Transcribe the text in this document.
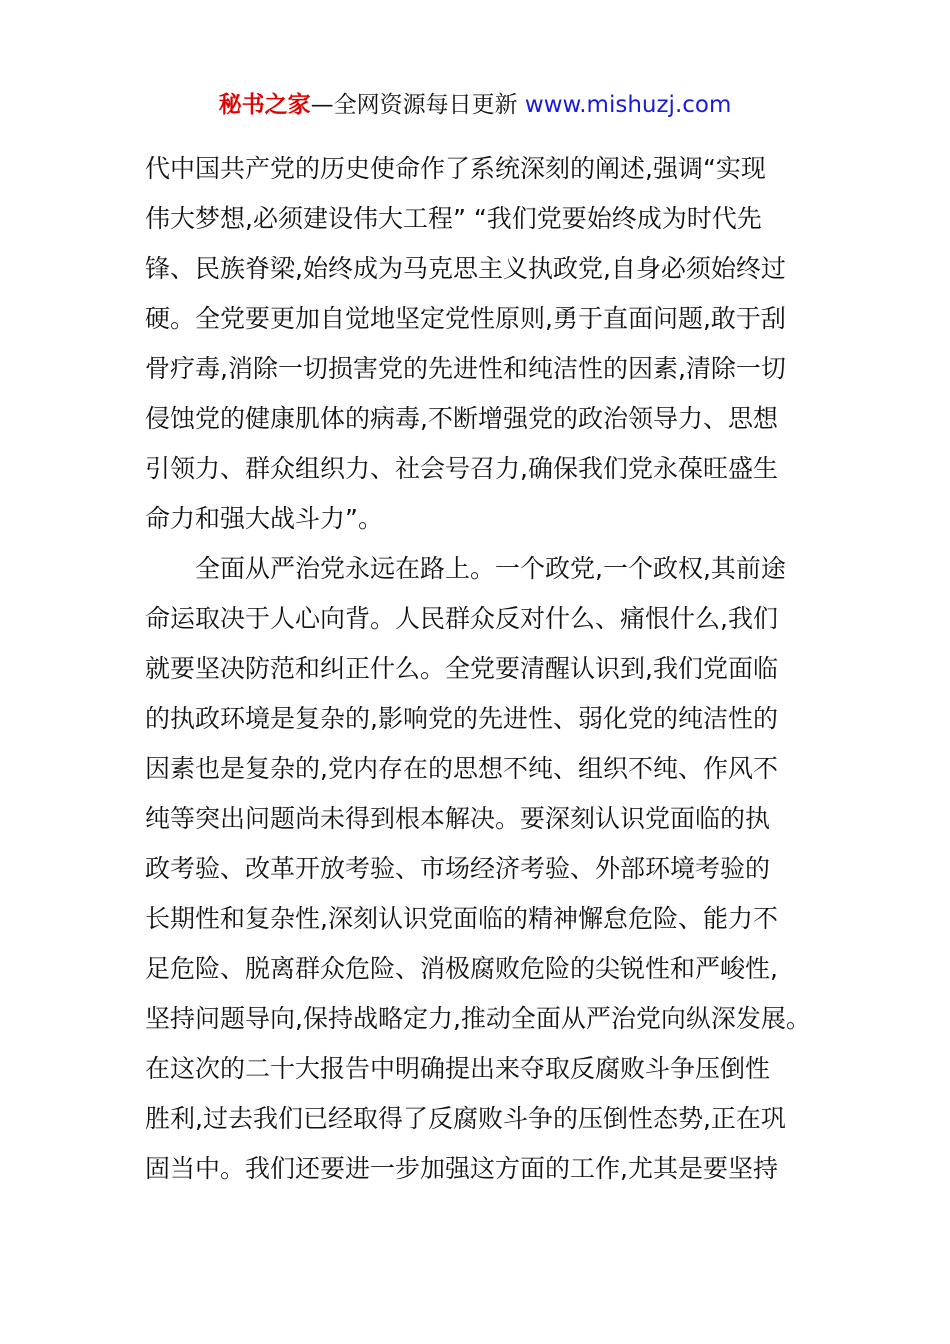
秘书之家—全网资源每日更新 www.mishuzj.com
代中国共产党的历史使命作了系统深刻的阐述,强调“实现
伟大梦想,必须建设伟大工程” “我们党要始终成为时代先
锋、民族脊梁,始终成为马克思主义执政党,自身必须始终过
硬。全党要更加自觉地坚定党性原则,勇于直面问题,敢于刮
骨疗毒,消除一切损害党的先进性和纯洁性的因素,清除一切
侵蚀党的健康肌体的病毒,不断增强党的政治领导力、思想
引领力、群众组织力、社会号召力,确保我们党永葆旺盛生
命力和强大战斗力”。
全面从严治党永远在路上。一个政党,一个政权,其前途
命运取决于人心向背。人民群众反对什么、痛恨什么,我们
就要坚决防范和纠正什么。全党要清醒认识到,我们党面临
的执政环境是复杂的,影响党的先进性、弱化党的纯洁性的
因素也是复杂的,党内存在的思想不纯、组织不纯、作风不
纯等突出问题尚未得到根本解决。要深刻认识党面临的执
政考验、改革开放考验、市场经济考验、外部环境考验的
长期性和复杂性,深刻认识党面临的精神懈怠危险、能力不
足危险、脱离群众危险、消极腐败危险的尖锐性和严峻性,
坚持问题导向,保持战略定力,推动全面从严治党向纵深发展。
在这次的二十大报告中明确提出来夺取反腐败斗争压倒性
胜利,过去我们已经取得了反腐败斗争的压倒性态势,正在巩
固当中。我们还要进一步加强这方面的工作,尤其是要坚持
